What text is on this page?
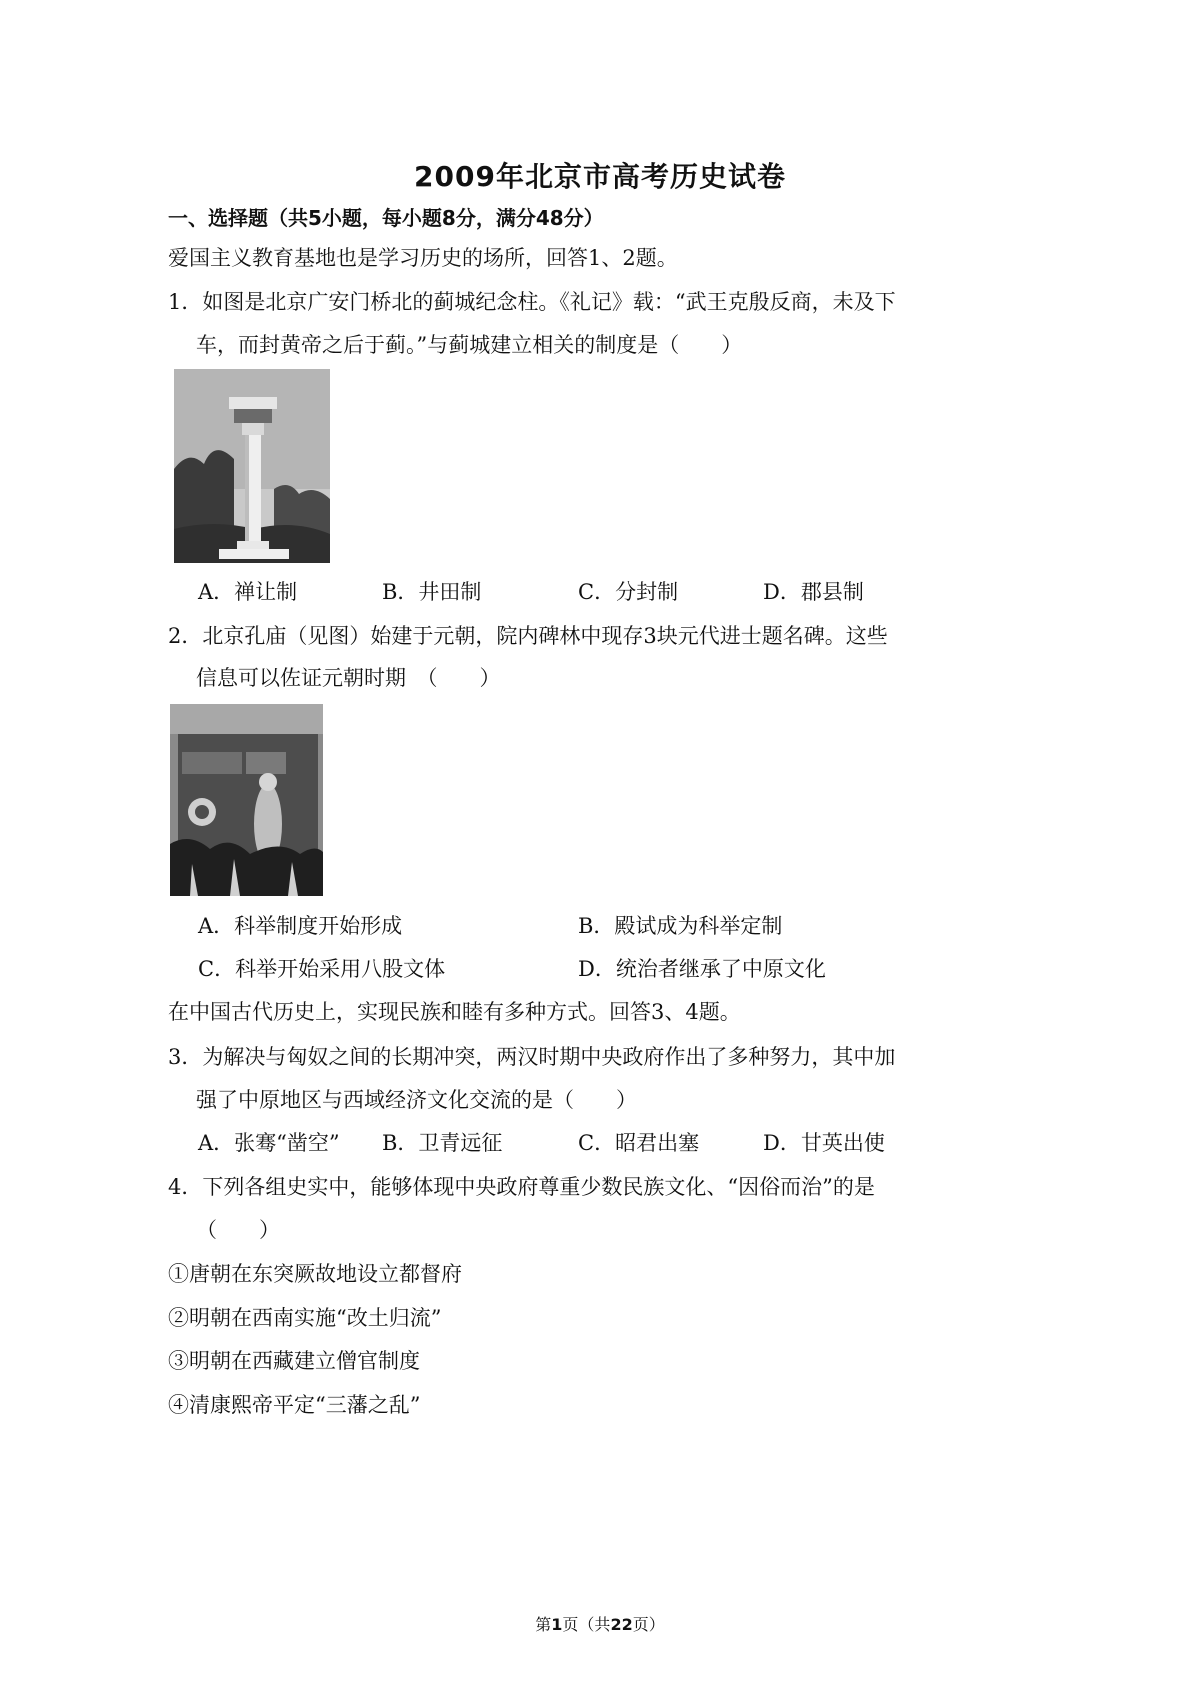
2009年北京市高考历史试卷
一、选择题（共5小题，每小题8分，满分48分）
爱国主义教育基地也是学习历史的场所，回答1、2题。
1．如图是北京广安门桥北的蓟城纪念柱。《礼记》载：“武王克殷反商，未及下
车，而封黄帝之后于蓟。”与蓟城建立相关的制度是（　　）
A．禅让制	B．井田制	C．分封制	D．郡县制
2．北京孔庙（见图）始建于元朝，院内碑林中现存3块元代进士题名碑。这些
信息可以佐证元朝时期　（　　）
A．科举制度开始形成	B．殿试成为科举定制
C．科举开始采用八股文体	D．统治者继承了中原文化
在中国古代历史上，实现民族和睦有多种方式。回答3、4题。
3．为解决与匈奴之间的长期冲突，两汉时期中央政府作出了多种努力，其中加
强了中原地区与西域经济文化交流的是（　　）
A．张骞“凿空” B．卫青远征	C．昭君出塞	D．甘英出使
4．下列各组史实中，能够体现中央政府尊重少数民族文化、“因俗而治”的是
（　　）
①唐朝在东突厥故地设立都督府
②明朝在西南实施“改土归流”
③明朝在西藏建立僧官制度
④清康熙帝平定“三藩之乱”
第1页（共22页）
